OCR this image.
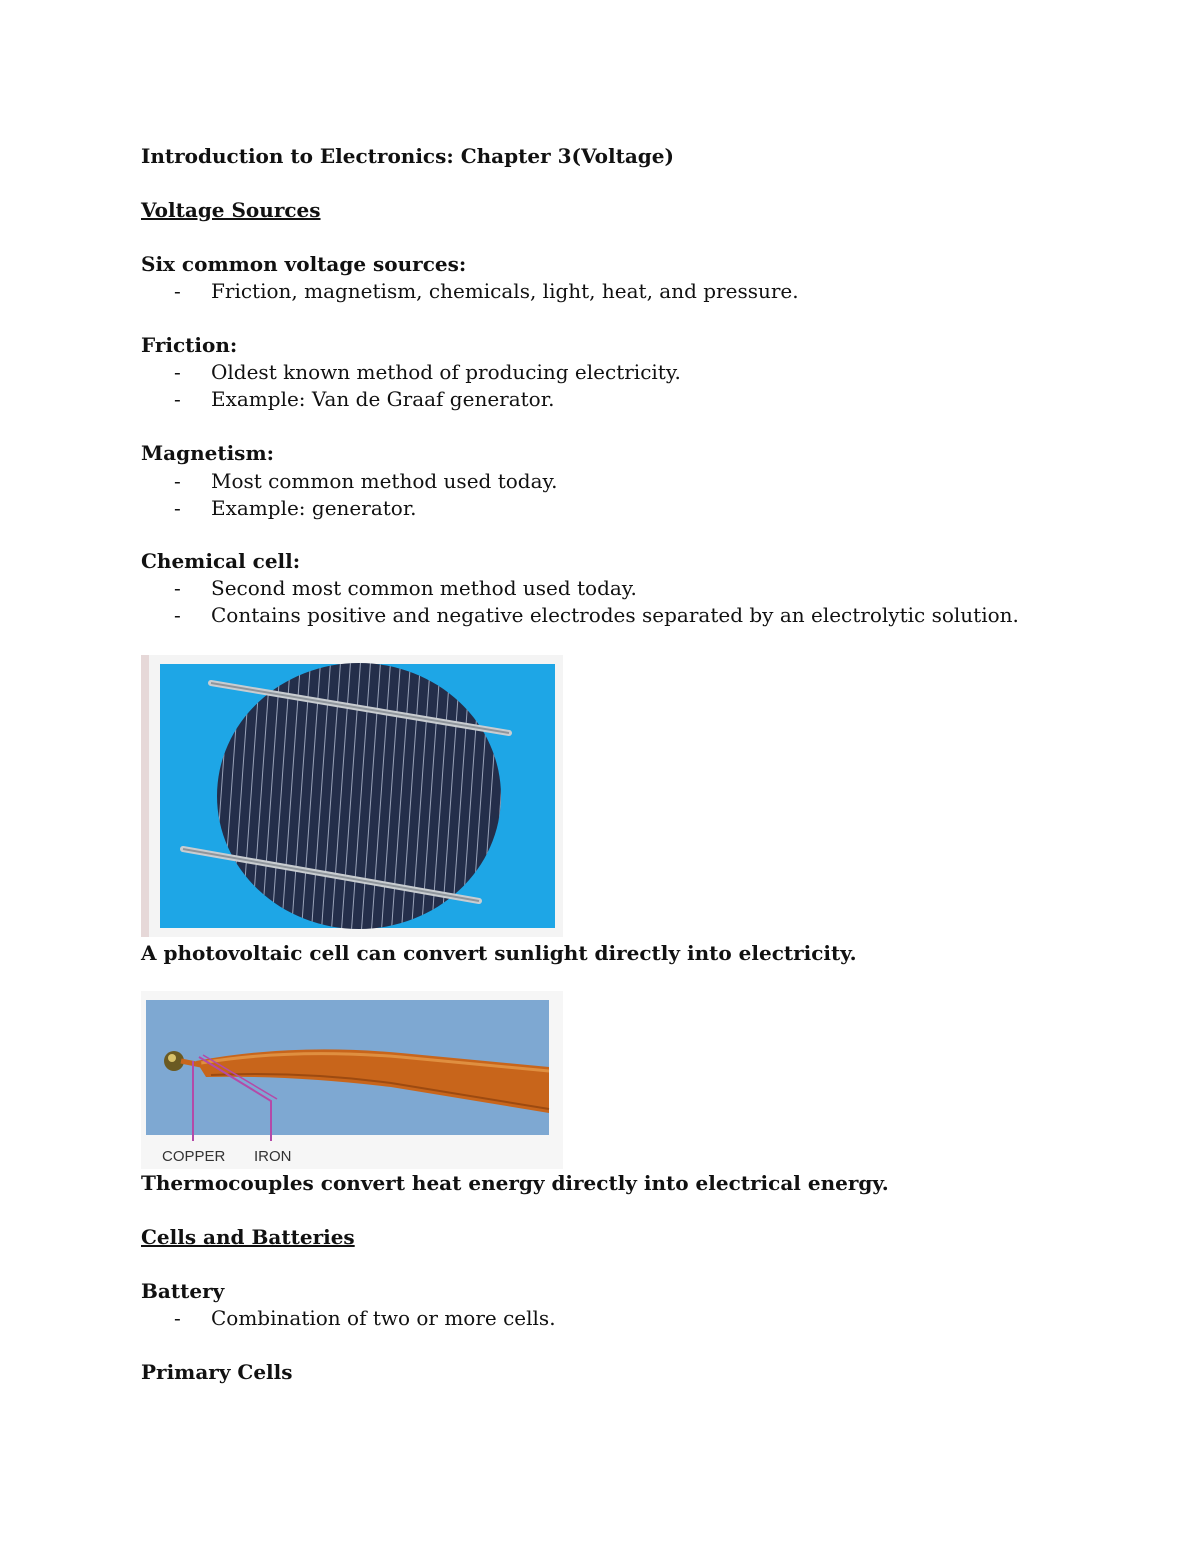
Introduction to Electronics: Chapter 3(Voltage)
Voltage Sources
Six common voltage sources:
- Friction, magnetism, chemicals, light, heat, and pressure.
Friction:
- Oldest known method of producing electricity.
- Example: Van de Graaf generator.
Magnetism:
- Most common method used today.
- Example: generator.
Chemical cell:
- Second most common method used today.
- Contains positive and negative electrodes separated by an electrolytic solution.
A photovoltaic cell can convert sunlight directly into electricity.
COPPER IRON
Thermocouples convert heat energy directly into electrical energy.
Cells and Batteries
Battery
- Combination of two or more cells.
Primary Cells
